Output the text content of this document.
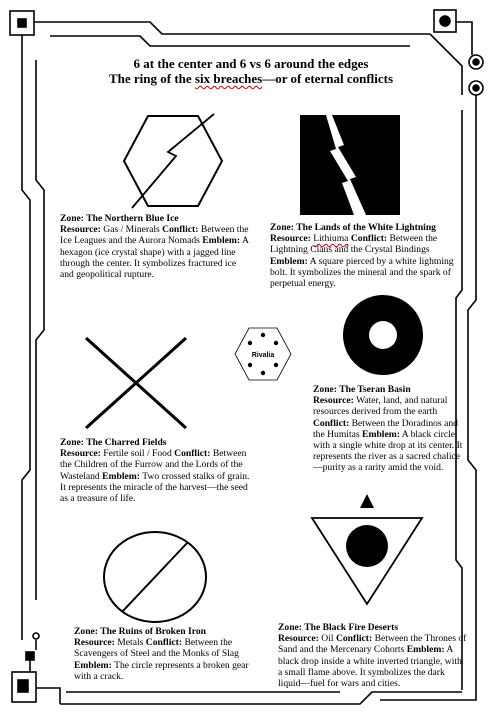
6 at the center and 6 vs 6 around the edges
The ring of the six breaches—or of eternal conflicts
Rivalia
Zone: The Northern Blue Ice
Resource: Gas / Minerals Conflict: Between the Ice Leagues and the Aurora Nomads Emblem: A hexagon (ice crystal shape) with a jagged line through the center. It symbolizes fractured ice and geopolitical rupture.
Zone: The Lands of the White Lightning
Resource: Lithiuma Conflict: Between the Lightning Clans and the Crystal Bindings Emblem: A square pierced by a white lightning bolt. It symbolizes the mineral and the spark of perpetual energy.
Zone: The Tseran Basin
Resource: Water, land, and natural resources derived from the earth Conflict: Between the Doradinos and the Humitas Emblem: A black circle with a single white drop at its center. It represents the river as a sacred chalice—purity as a rarity amid the void.
Zone: The Charred Fields
Resource: Fertile soil / Food Conflict: Between the Children of the Furrow and the Lords of the Wasteland Emblem: Two crossed stalks of grain. It represents the miracle of the harvest—the seed as a treasure of life.
Zone: The Ruins of Broken Iron
Resource: Metals Conflict: Between the Scavengers of Steel and the Monks of Slag Emblem: The circle represents a broken gear with a crack.
Zone: The Black Fire Deserts
Resource: Oil Conflict: Between the Thrones of Sand and the Mercenary Cohorts Emblem: A black drop inside a white inverted triangle, with a small flame above. It symbolizes the dark liquid—fuel for wars and cities.
